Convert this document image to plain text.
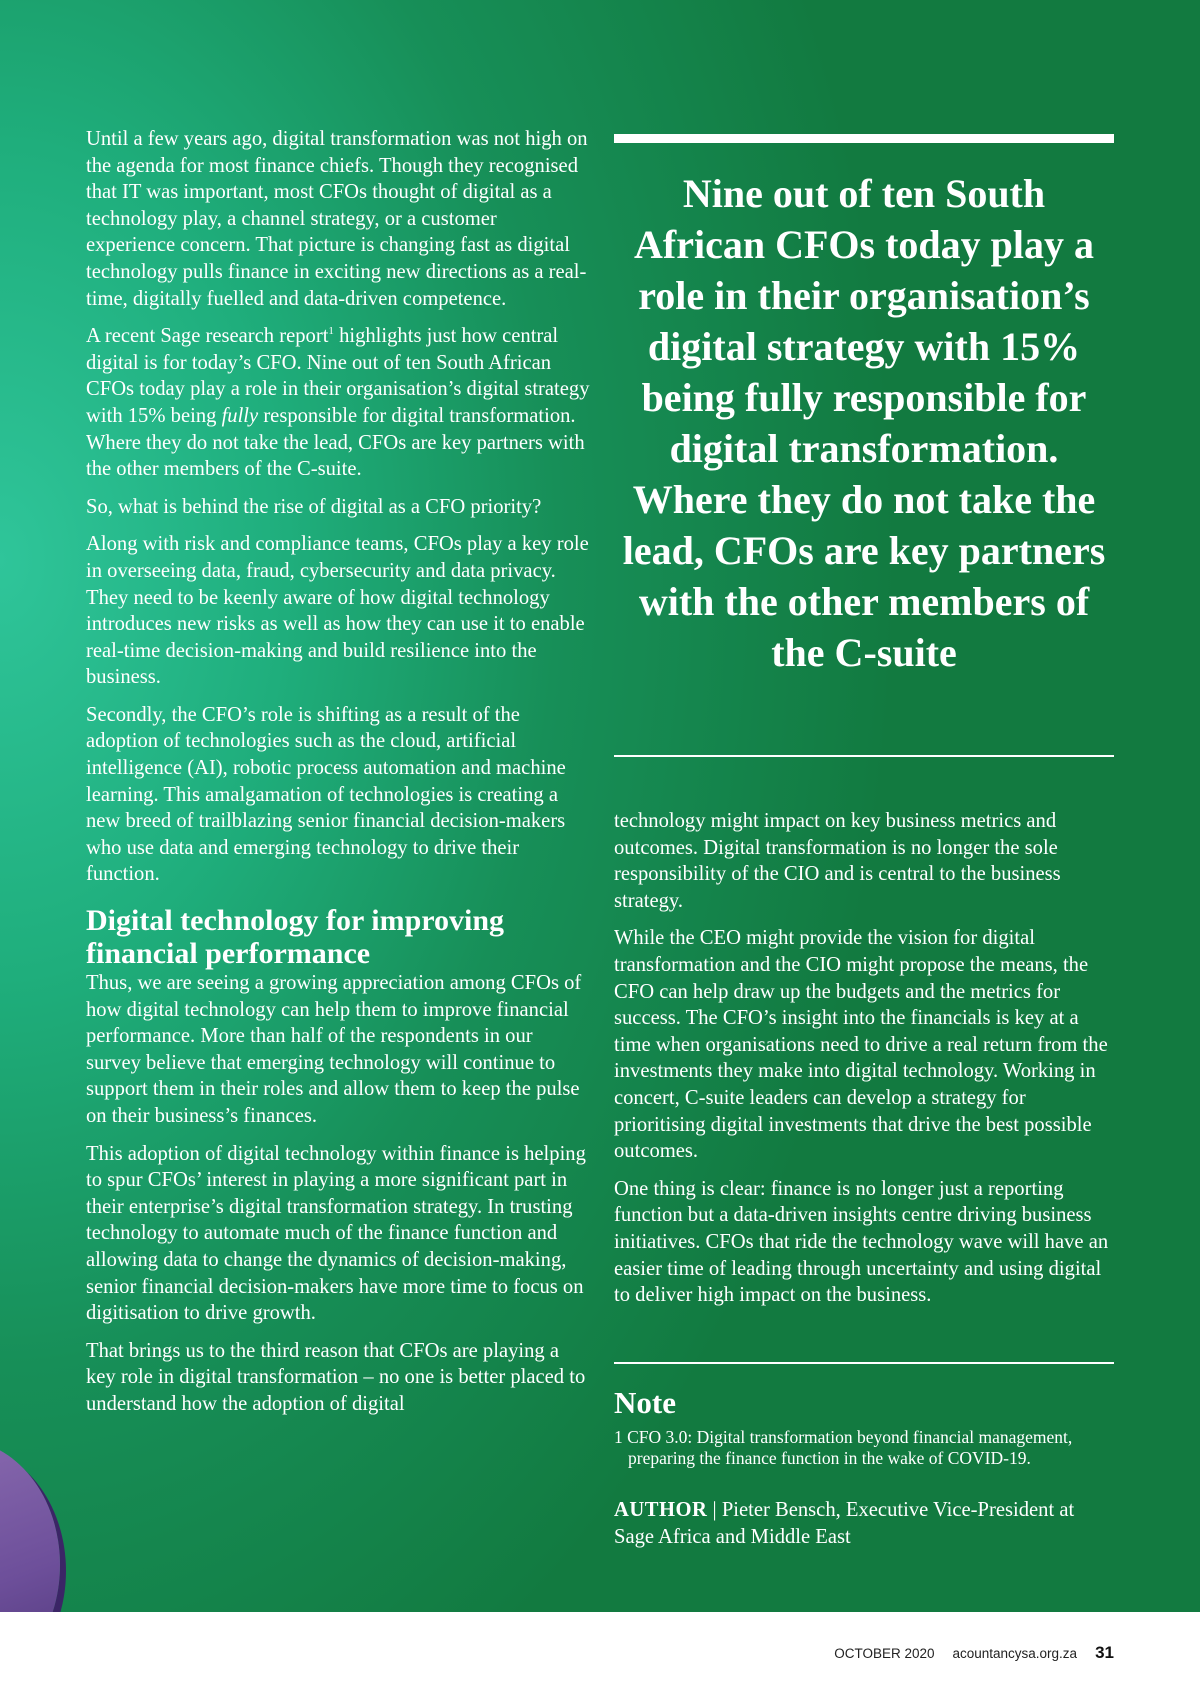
Until a few years ago, digital transformation was not high on the agenda for most finance chiefs. Though they recognised that IT was important, most CFOs thought of digital as a technology play, a channel strategy, or a customer experience concern. That picture is changing fast as digital technology pulls finance in exciting new directions as a real-time, digitally fuelled and data-driven competence.

A recent Sage research report$^1$ highlights just how central digital is for today’s CFO. Nine out of ten South African CFOs today play a role in their organisation’s digital strategy with 15% being fully responsible for digital transformation. Where they do not take the lead, CFOs are key partners with the other members of the C-suite.

So, what is behind the rise of digital as a CFO priority?

Along with risk and compliance teams, CFOs play a key role in overseeing data, fraud, cybersecurity and data privacy. They need to be keenly aware of how digital technology introduces new risks as well as how they can use it to enable real-time decision-making and build resilience into the business.

Secondly, the CFO’s role is shifting as a result of the adoption of technologies such as the cloud, artificial intelligence (AI), robotic process automation and machine learning. This amalgamation of technologies is creating a new breed of trailblazing senior financial decision-makers who use data and emerging technology to drive their function.

Digital technology for improving financial performance

Thus, we are seeing a growing appreciation among CFOs of how digital technology can help them to improve financial performance. More than half of the respondents in our survey believe that emerging technology will continue to support them in their roles and allow them to keep the pulse on their business’s finances.

This adoption of digital technology within finance is helping to spur CFOs’ interest in playing a more significant part in their enterprise’s digital transformation strategy. In trusting technology to automate much of the finance function and allowing data to change the dynamics of decision-making, senior financial decision-makers have more time to focus on digitisation to drive growth.

That brings us to the third reason that CFOs are playing a key role in digital transformation – no one is better placed to understand how the adoption of digital

Nine out of ten South African CFOs today play a role in their organisation’s digital strategy with 15% being fully responsible for digital transformation. Where they do not take the lead, CFOs are key partners with the other members of the C-suite

technology might impact on key business metrics and outcomes. Digital transformation is no longer the sole responsibility of the CIO and is central to the business strategy.

While the CEO might provide the vision for digital transformation and the CIO might propose the means, the CFO can help draw up the budgets and the metrics for success. The CFO’s insight into the financials is key at a time when organisations need to drive a real return from the investments they make into digital technology. Working in concert, C-suite leaders can develop a strategy for prioritising digital investments that drive the best possible outcomes.

One thing is clear: finance is no longer just a reporting function but a data-driven insights centre driving business initiatives. CFOs that ride the technology wave will have an easier time of leading through uncertainty and using digital to deliver high impact on the business.

Note
1 CFO 3.0: Digital transformation beyond financial management,
preparing the finance function in the wake of COVID-19.
AUTHOR | Pieter Bensch, Executive Vice-President at Sage Africa and Middle East
OCTOBER 2020 acountancysa.org.za 31
